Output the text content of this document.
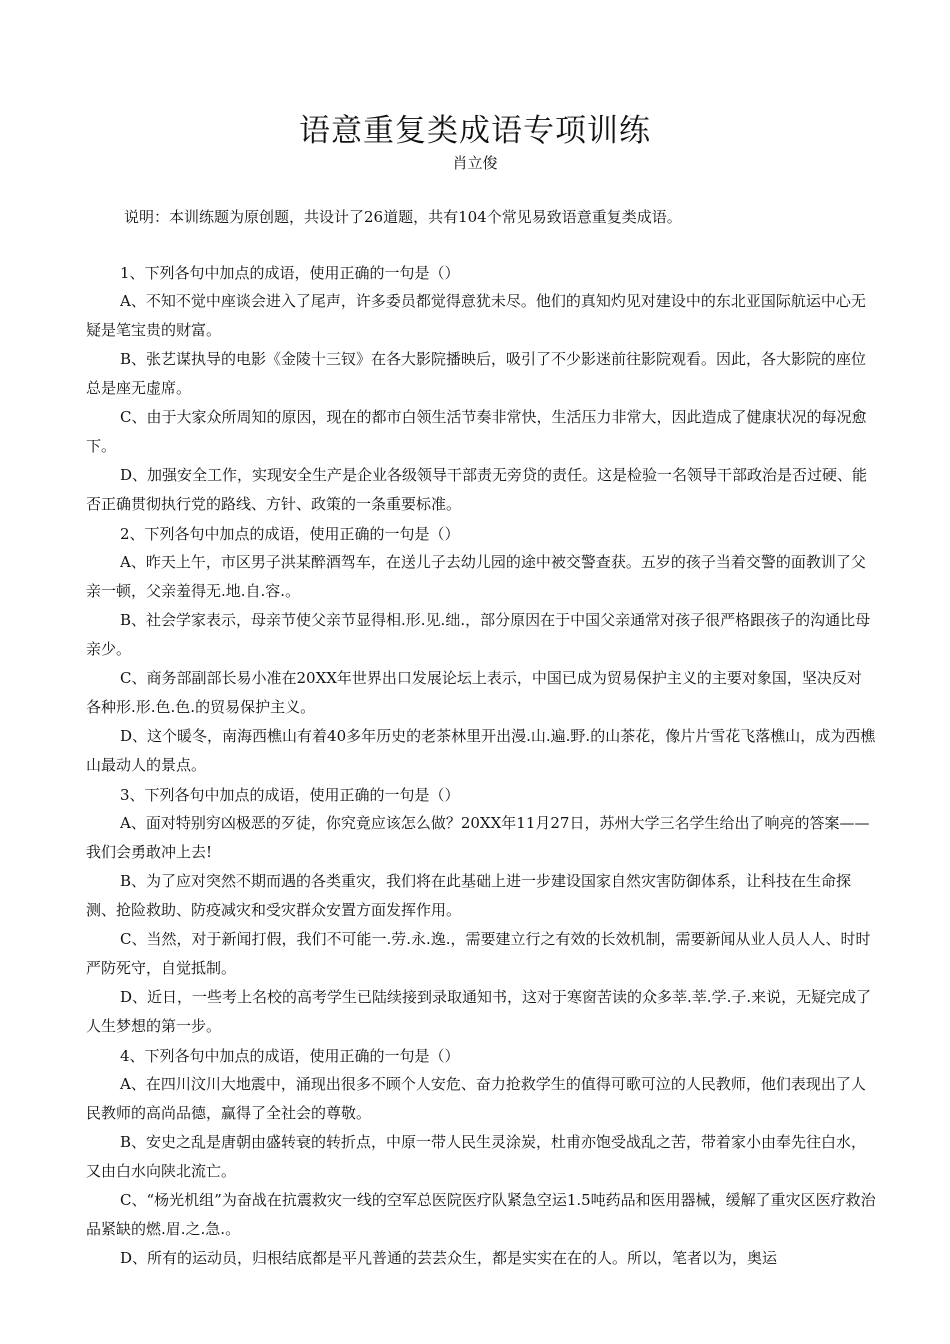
语意重复类成语专项训练
肖立俊
说明：本训练题为原创题，共设计了26道题，共有104个常见易致语意重复类成语。

1、下列各句中加点的成语，使用正确的一句是（）

A、不知不觉中座谈会进入了尾声，许多委员都觉得意犹未尽。他们的真知灼见对建设中的东北亚国际航运中心无疑是笔宝贵的财富。

B、张艺谋执导的电影《金陵十三钗》在各大影院播映后，吸引了不少影迷前往影院观看。因此，各大影院的座位总是座无虚席。

C、由于大家众所周知的原因，现在的都市白领生活节奏非常快，生活压力非常大，因此造成了健康状况的每况愈下。

D、加强安全工作，实现安全生产是企业各级领导干部责无旁贷的责任。这是检验一名领导干部政治是否过硬、能否正确贯彻执行党的路线、方针、政策的一条重要标准。

2、下列各句中加点的成语，使用正确的一句是（）

A、昨天上午，市区男子洪某醉酒驾车，在送儿子去幼儿园的途中被交警查获。五岁的孩子当着交警的面教训了父亲一顿，父亲羞得无.地.自.容.。

B、社会学家表示，母亲节使父亲节显得相.形.见.绌.，部分原因在于中国父亲通常对孩子很严格跟孩子的沟通比母亲少。

C、商务部副部长易小准在20XX年世界出口发展论坛上表示，中国已成为贸易保护主义的主要对象国，坚决反对各种形.形.色.色.的贸易保护主义。

D、这个暖冬，南海西樵山有着40多年历史的老茶林里开出漫.山.遍.野.的山茶花，像片片雪花飞落樵山，成为西樵山最动人的景点。

3、下列各句中加点的成语，使用正确的一句是（）

A、面对特别穷凶极恶的歹徒，你究竟应该怎么做？20XX年11月27日，苏州大学三名学生给出了响亮的答案——我们会勇敢冲上去!

B、为了应对突然不期而遇的各类重灾，我们将在此基础上进一步建设国家自然灾害防御体系，让科技在生命探测、抢险救助、防疫减灾和受灾群众安置方面发挥作用。

C、当然，对于新闻打假，我们不可能一.劳.永.逸.，需要建立行之有效的长效机制，需要新闻从业人员人人、时时严防死守，自觉抵制。

D、近日，一些考上名校的高考学生已陆续接到录取通知书，这对于寒窗苦读的众多莘.莘.学.子.来说，无疑完成了人生梦想的第一步。

4、下列各句中加点的成语，使用正确的一句是（）

A、在四川汶川大地震中，涌现出很多不顾个人安危、奋力抢救学生的值得可歌可泣的人民教师，他们表现出了人民教师的高尚品德，赢得了全社会的尊敬。

B、安史之乱是唐朝由盛转衰的转折点，中原一带人民生灵涂炭，杜甫亦饱受战乱之苦，带着家小由奉先往白水，又由白水向陕北流亡。

C、“杨光机组”为奋战在抗震救灾一线的空军总医院医疗队紧急空运1.5吨药品和医用器械，缓解了重灾区医疗救治品紧缺的燃.眉.之.急.。

D、所有的运动员，归根结底都是平凡普通的芸芸众生，都是实实在在的人。所以，笔者以为，奥运
